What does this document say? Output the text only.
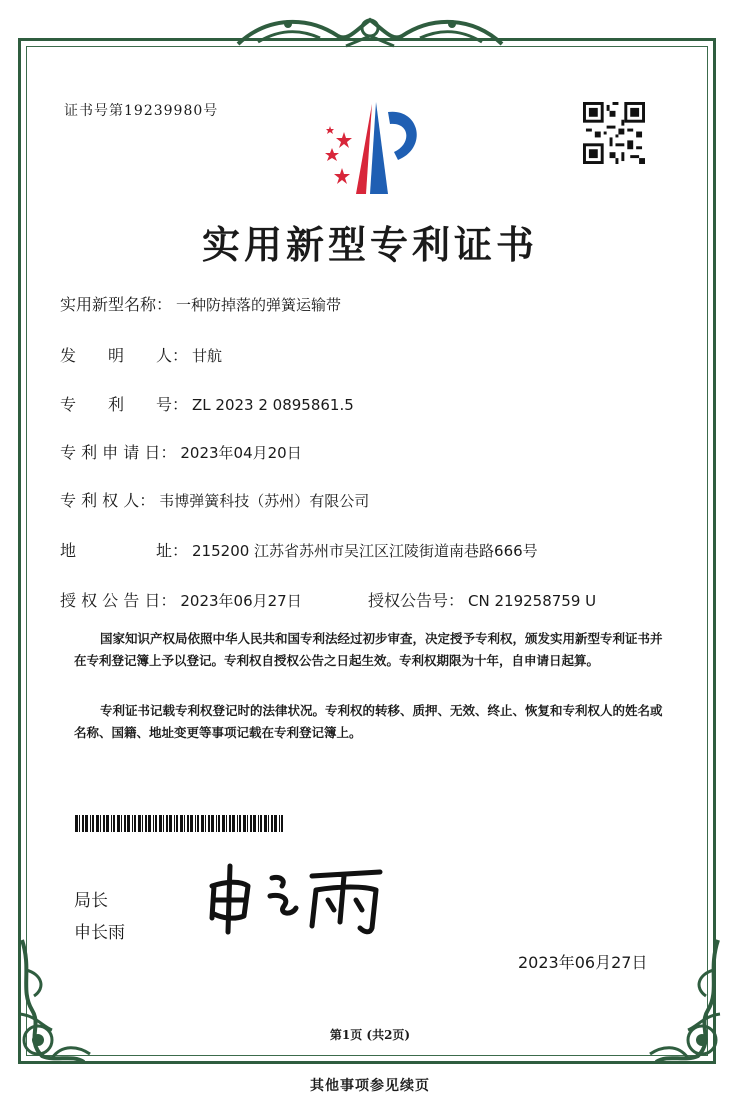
证书号第19239980号
实用新型专利证书
实用新型名称： 一种防掉落的弹簧运输带
发　　明　　人： 甘航
专　　利　　号： ZL 2023 2 0895861.5
专 利 申 请 日： 2023年04月20日
专 利 权 人： 韦博弹簧科技（苏州）有限公司
地　　　　　址： 215200 江苏省苏州市吴江区江陵街道南巷路666号
授 权 公 告 日： 2023年06月27日	授权公告号： CN 219258759 U
国家知识产权局依照中华人民共和国专利法经过初步审查，决定授予专利权，颁发实用新型专利证书并在专利登记簿上予以登记。专利权自授权公告之日起生效。专利权期限为十年，自申请日起算。
专利证书记载专利权登记时的法律状况。专利权的转移、质押、无效、终止、恢复和专利权人的姓名或名称、国籍、地址变更等事项记载在专利登记簿上。
局长
申长雨
2023年06月27日
第1页 (共2页)
其他事项参见续页
